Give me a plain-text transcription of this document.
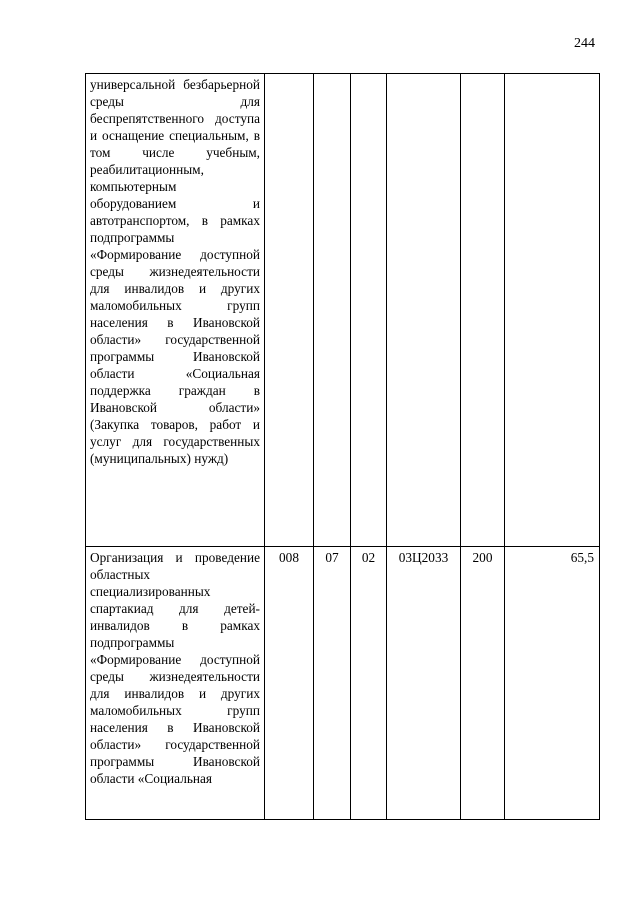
244
универсальной безбарьерной среды для беспрепятственного доступа и оснащение специальным, в том числе учебным, реабилитационным, компьютерным оборудованием и автотранспортом, в рамках подпрограммы «Формирование доступной среды жизнедеятельности для инвалидов и других маломобильных групп населения в Ивановской области» государственной программы Ивановской области «Социальная поддержка граждан в Ивановской области» (Закупка товаров, работ и услуг для государственных (муниципальных) нужд)						

Организация и проведение областных специализированных спартакиад для детей-инвалидов в рамках подпрограммы «Формирование доступной среды жизнедеятельности для инвалидов и других маломобильных групп населения в Ивановской области» государственной программы Ивановской области «Социальная	008	07	02	03Ц2033	200	65,5
